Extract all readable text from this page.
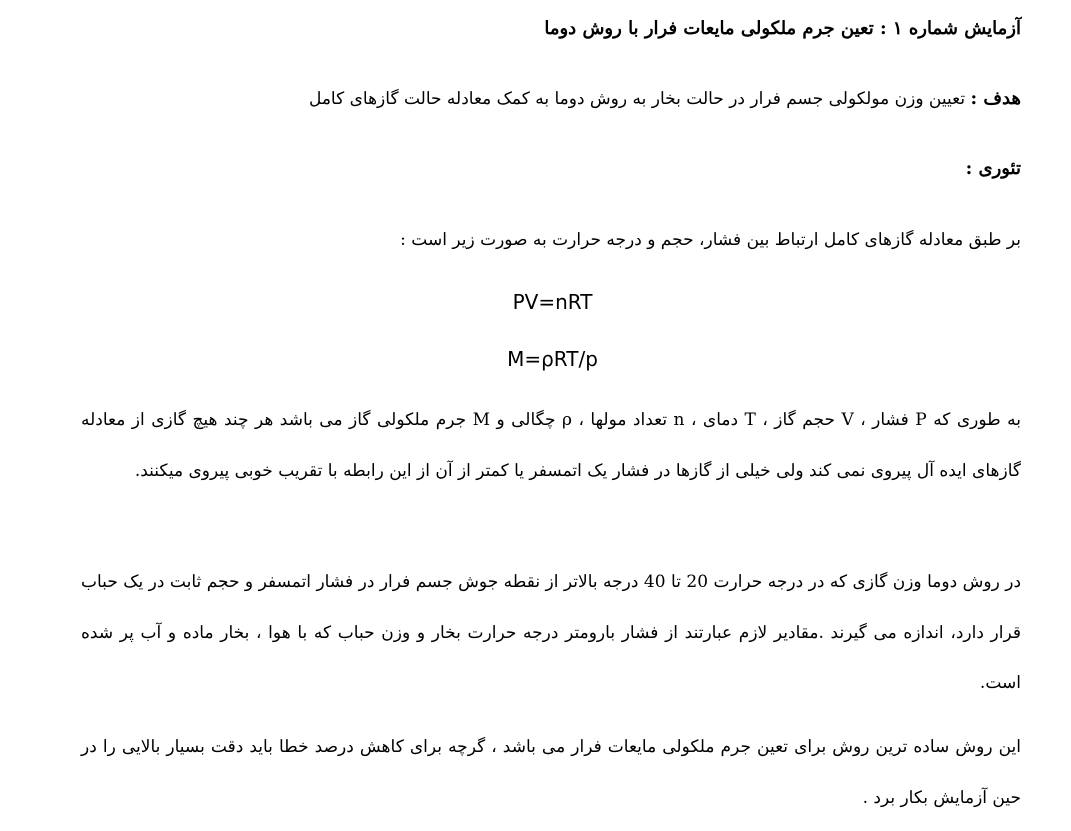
آزمایش شماره ۱ : تعین جرم ملکولی مایعات فرار با روش دوما
هدف : تعیین وزن مولکولی جسم فرار در حالت بخار به روش دوما به کمک معادله حالت گازهای کامل
تئوری :
بر طبق معادله گازهای کامل ارتباط بین فشار، حجم و درجه حرارت به صورت زیر است :
PV=nRT
M=ρRT/p
به طوری که P فشار ، V حجم گاز ، T دمای ، n تعداد مولها ، ρ چگالی و M جرم ملکولی گاز می باشد هر چند هیچ گازی از معادله گازهای ایده آل پیروی نمی کند ولی خیلی از گازها در فشار یک اتمسفر یا کمتر از آن از این رابطه با تقریب خوبی پیروی میکنند.
در روش دوما وزن گازی که در درجه حرارت 20 تا 40 درجه بالاتر از نقطه جوش جسم فرار در فشار اتمسفر و حجم ثابت در یک حباب قرار دارد، اندازه می گیرند .مقادیر لازم عبارتند از فشار بارومتر درجه حرارت بخار و وزن حباب که با هوا ، بخار ماده و آب پر شده است.
این روش ساده ترین روش برای تعین جرم ملکولی مایعات فرار می باشد ، گرچه برای کاهش درصد خطا باید دقت بسیار بالایی را در حین آزمایش بکار برد .
